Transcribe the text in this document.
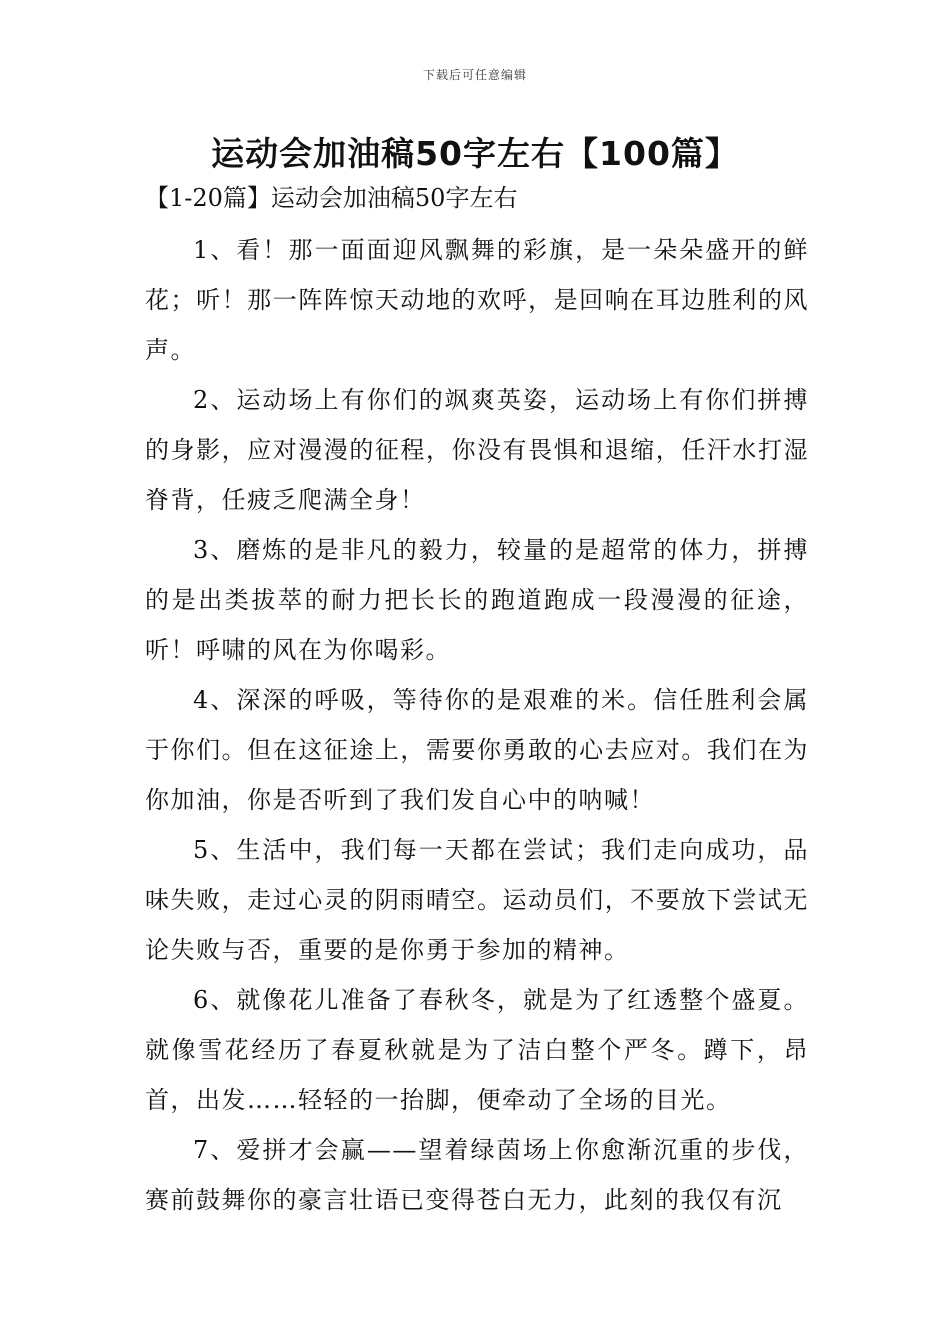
下载后可任意编辑
运动会加油稿50字左右【100篇】
【1-20篇】运动会加油稿50字左右

1、看！那一面面迎风飘舞的彩旗，是一朵朵盛开的鲜花；听！那一阵阵惊天动地的欢呼，是回响在耳边胜利的风声。

2、运动场上有你们的飒爽英姿，运动场上有你们拼搏的身影，应对漫漫的征程，你没有畏惧和退缩，任汗水打湿脊背，任疲乏爬满全身！

3、磨炼的是非凡的毅力，较量的是超常的体力，拼搏的是出类拔萃的耐力把长长的跑道跑成一段漫漫的征途，听！呼啸的风在为你喝彩。

4、深深的呼吸，等待你的是艰难的米。信任胜利会属于你们。但在这征途上，需要你勇敢的心去应对。我们在为你加油，你是否听到了我们发自心中的呐喊！

5、生活中，我们每一天都在尝试；我们走向成功，品味失败，走过心灵的阴雨晴空。运动员们，不要放下尝试无论失败与否，重要的是你勇于参加的精神。

6、就像花儿准备了春秋冬，就是为了红透整个盛夏。就像雪花经历了春夏秋就是为了洁白整个严冬。蹲下，昂首，出发……轻轻的一抬脚，便牵动了全场的目光。

7、爱拼才会赢——望着绿茵场上你愈渐沉重的步伐，赛前鼓舞你的豪言壮语已变得苍白无力，此刻的我仅有沉
